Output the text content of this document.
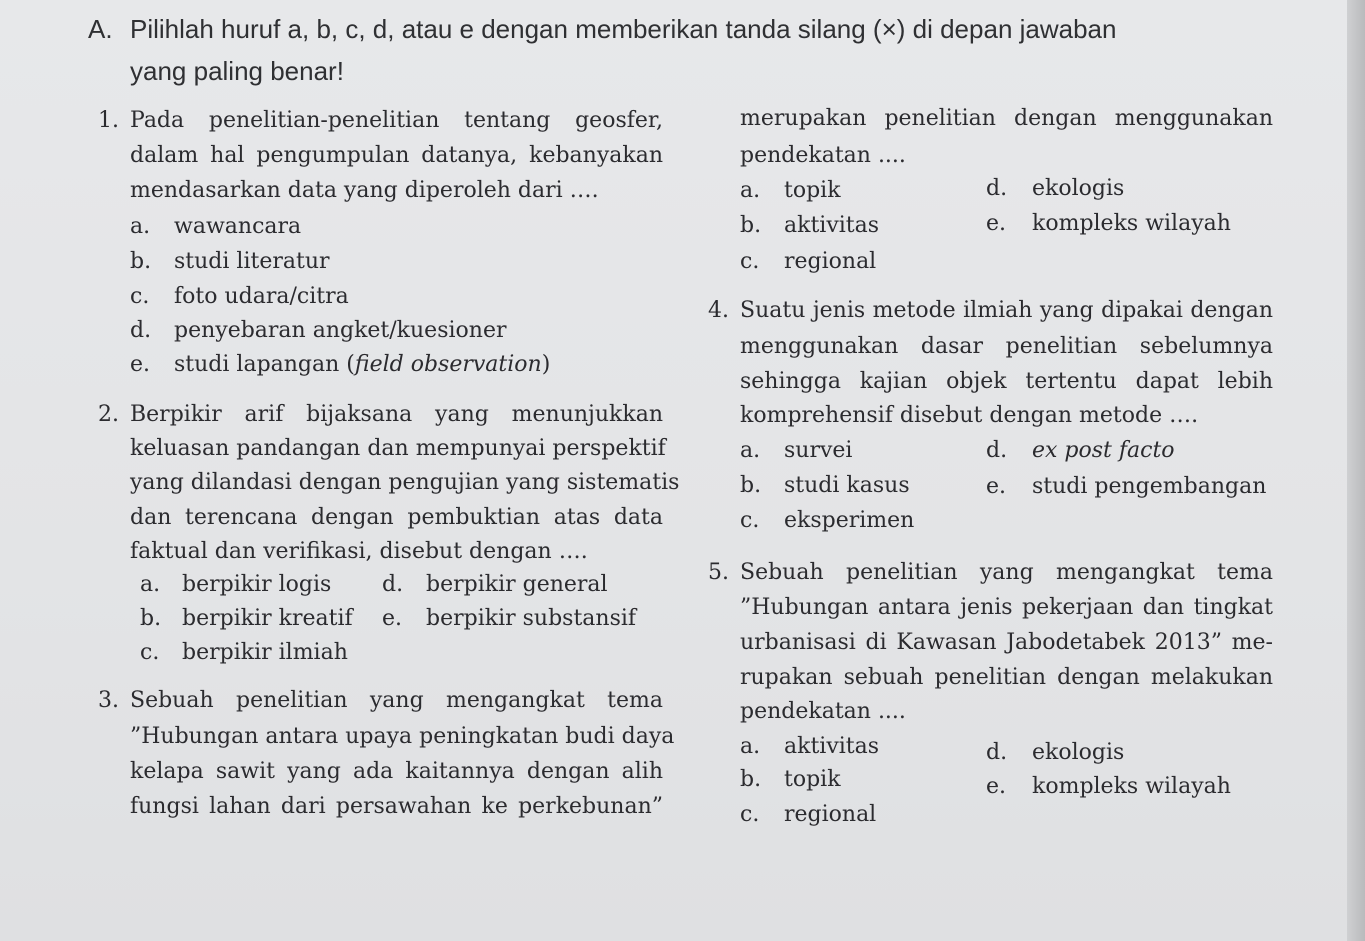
A. Pilihlah huruf a, b, c, d, atau e dengan memberikan tanda silang (×) di depan jawaban
yang paling benar!
1. Pada penelitian-penelitian tentang geosfer,
dalam hal pengumpulan datanya, kebanyakan
mendasarkan data yang diperoleh dari ….
a. wawancara
b. studi literatur
c. foto udara/citra
d. penyebaran angket/kuesioner
e. studi lapangan (field observation)
2. Berpikir arif bijaksana yang menunjukkan
keluasan pandangan dan mempunyai perspektif
yang dilandasi dengan pengujian yang sistematis
dan terencana dengan pembuktian atas data
faktual dan verifikasi, disebut dengan ….
a. berpikir logis d. berpikir general
b. berpikir kreatif e. berpikir substansif
c. berpikir ilmiah
3. Sebuah penelitian yang mengangkat tema
”Hubungan antara upaya peningkatan budi daya
kelapa sawit yang ada kaitannya dengan alih
fungsi lahan dari persawahan ke perkebunan”
merupakan penelitian dengan menggunakan
pendekatan ....
a. topik	d. ekologis
b. aktivitas	e. kompleks wilayah
c. regional
4. Suatu jenis metode ilmiah yang dipakai dengan
menggunakan dasar penelitian sebelumnya
sehingga kajian objek tertentu dapat lebih
komprehensif disebut dengan metode ….
a. survei	d. ex post facto
b. studi kasus	e. studi pengembangan
c. eksperimen
5. Sebuah penelitian yang mengangkat tema
”Hubungan antara jenis pekerjaan dan tingkat
urbanisasi di Kawasan Jabodetabek 2013” me-
rupakan sebuah penelitian dengan melakukan
pendekatan ....
a. aktivitas	d. ekologis
b. topik	e. kompleks wilayah
c. regional
